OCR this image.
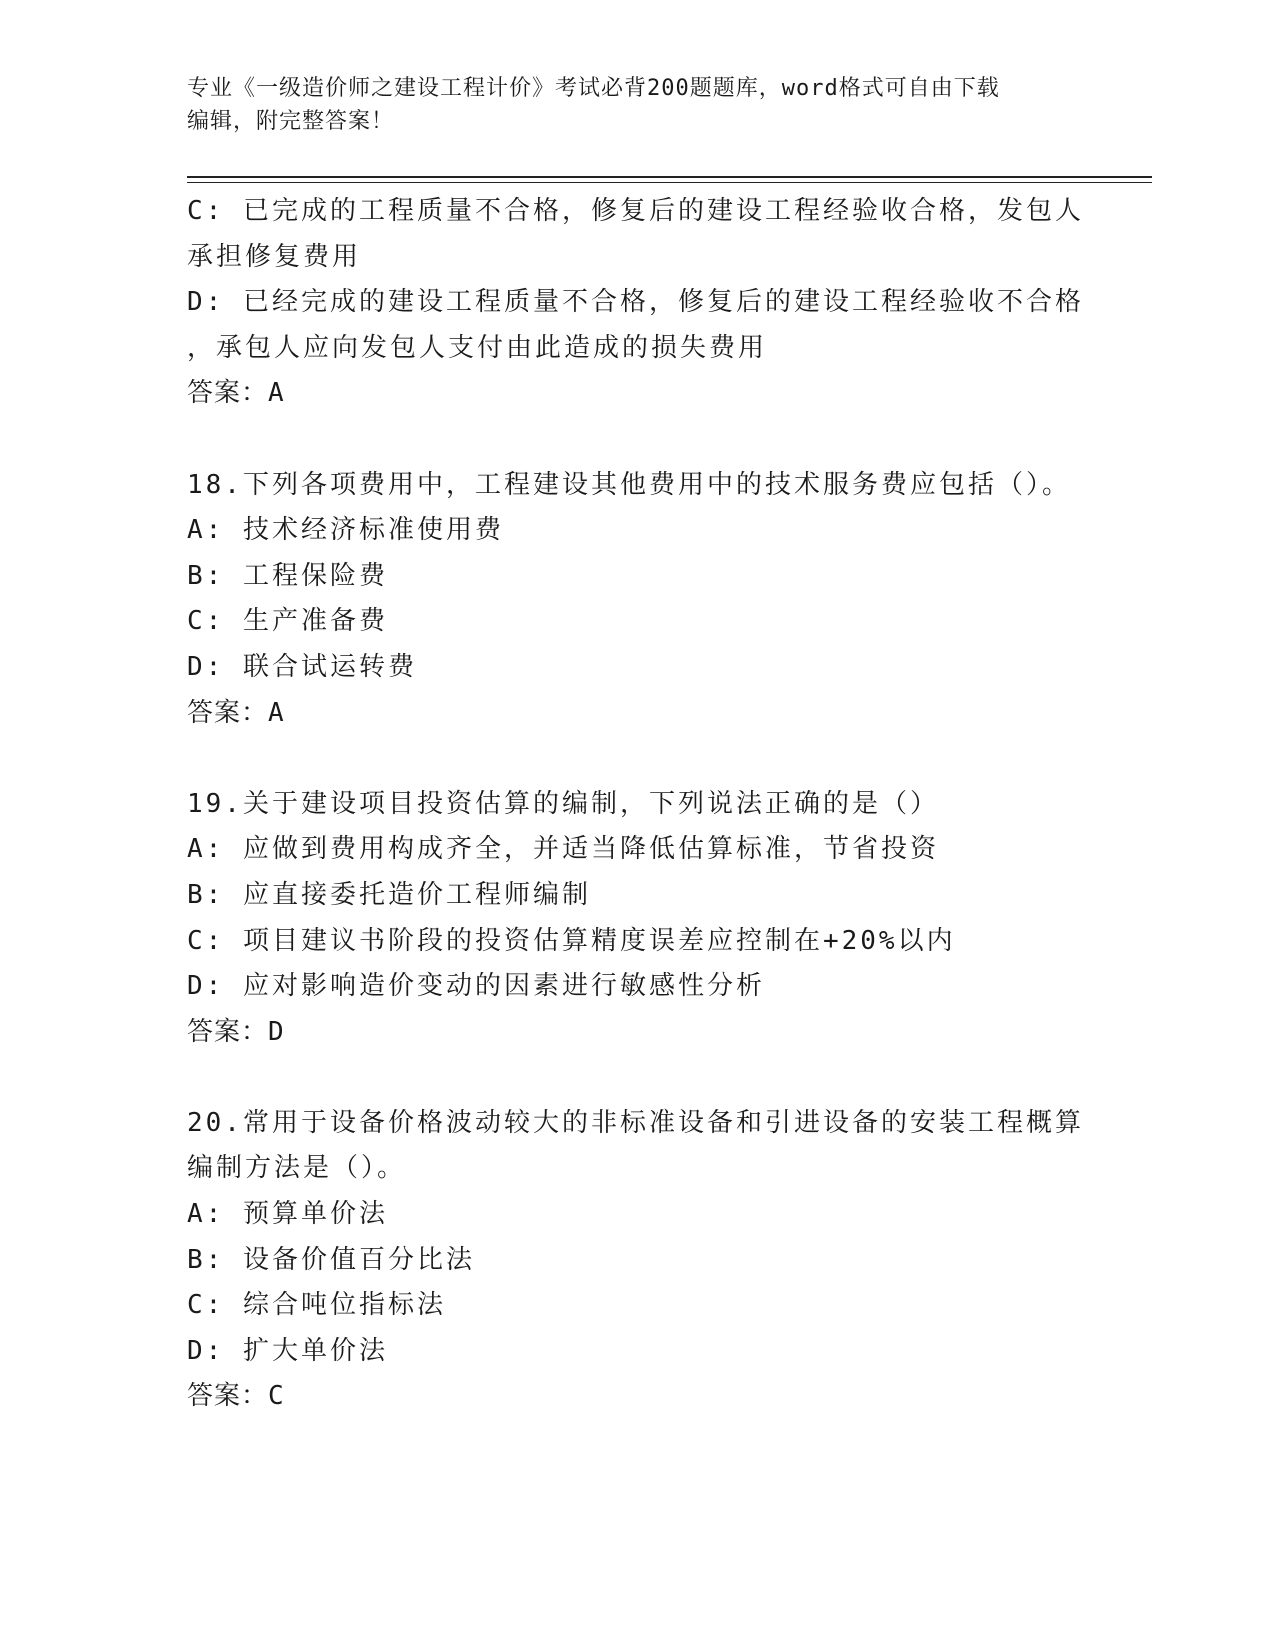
专业《一级造价师之建设工程计价》考试必背200题题库，word格式可自由下载
编辑，附完整答案！
C: 已完成的工程质量不合格，修复后的建设工程经验收合格，发包人
承担修复费用
D: 已经完成的建设工程质量不合格，修复后的建设工程经验收不合格
，承包人应向发包人支付由此造成的损失费用
答案：A
18.下列各项费用中，工程建设其他费用中的技术服务费应包括（）。
A: 技术经济标准使用费
B: 工程保险费
C: 生产准备费
D: 联合试运转费
答案：A
19.关于建设项目投资估算的编制，下列说法正确的是（）
A: 应做到费用构成齐全，并适当降低估算标准，节省投资
B: 应直接委托造价工程师编制
C: 项目建议书阶段的投资估算精度误差应控制在+20%以内
D: 应对影响造价变动的因素进行敏感性分析
答案：D
20.常用于设备价格波动较大的非标准设备和引进设备的安装工程概算
编制方法是（）。
A: 预算单价法
B: 设备价值百分比法
C: 综合吨位指标法
D: 扩大单价法
答案：C
